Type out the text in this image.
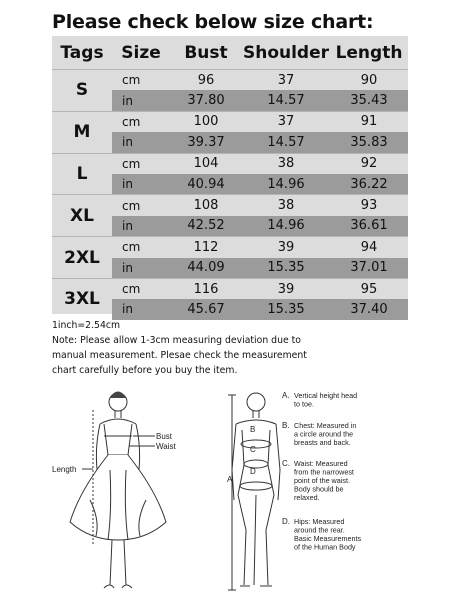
Please check below size chart:
Tags	Size	Bust	Shoulder	Length
S	cm	96	37	90
	in	37.80	14.57	35.43
M	cm	100	37	91
	in	39.37	14.57	35.83
L	cm	104	38	92
	in	40.94	14.96	36.22
XL	cm	108	38	93
	in	42.52	14.96	36.61
2XL	cm	112	39	94
	in	44.09	15.35	37.01
3XL	cm	116	39	95
	in	45.67	15.35	37.40
1inch=2.54cm
Note: Please allow 1-3cm measuring deviation due to
manual measurement. Plesae check the measurement
chart carefully before you buy the item.
Bust
Waist
Length
B
C
D
A
A. Vertical height head
to toe.
B. Chest: Measured in
a circle around the
breasts and back.
C. Waist: Measured
from the narrowest
point of the waist.
Body should be
relaxed.
D. Hips: Measured
around the rear.
Basic Measurements
of the Human Body
